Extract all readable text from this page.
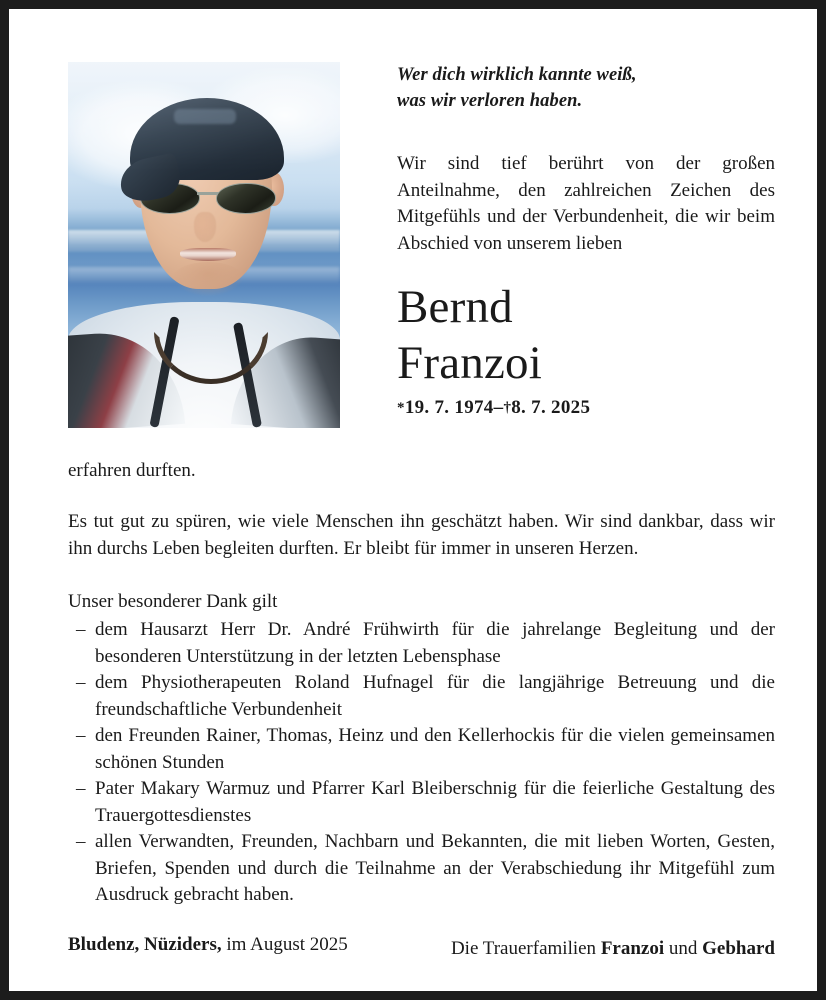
Wer dich wirklich kannte weiß,
was wir verloren haben.
Wir sind tief berührt von der großen Anteilnahme, den zahlreichen Zeichen des Mitgefühls und der Verbundenheit, die wir beim Abschied von unserem lieben
Bernd
Franzoi
*19. 7. 1974–†8. 7. 2025
erfahren durften.
Es tut gut zu spüren, wie viele Menschen ihn geschätzt haben. Wir sind dankbar, dass wir ihn durchs Leben begleiten durften. Er bleibt für immer in unseren Herzen.
Unser besonderer Dank gilt
– dem Hausarzt Herr Dr. André Frühwirth für die jahrelange Begleitung und der besonderen Unterstützung in der letzten Lebensphase
– dem Physiotherapeuten Roland Hufnagel für die langjährige Betreuung und die freundschaftliche Verbundenheit
– den Freunden Rainer, Thomas, Heinz und den Kellerhockis für die vielen gemeinsamen schönen Stunden
– Pater Makary Warmuz und Pfarrer Karl Bleiberschnig für die feierliche Gestaltung des Trauergottesdienstes
– allen Verwandten, Freunden, Nachbarn und Bekannten, die mit lieben Worten, Gesten, Briefen, Spenden und durch die Teilnahme an der Verabschiedung ihr Mitgefühl zum Ausdruck gebracht haben.
Die Trauerfamilien Franzoi und Gebhard
Bludenz, Nüziders, im August 2025
